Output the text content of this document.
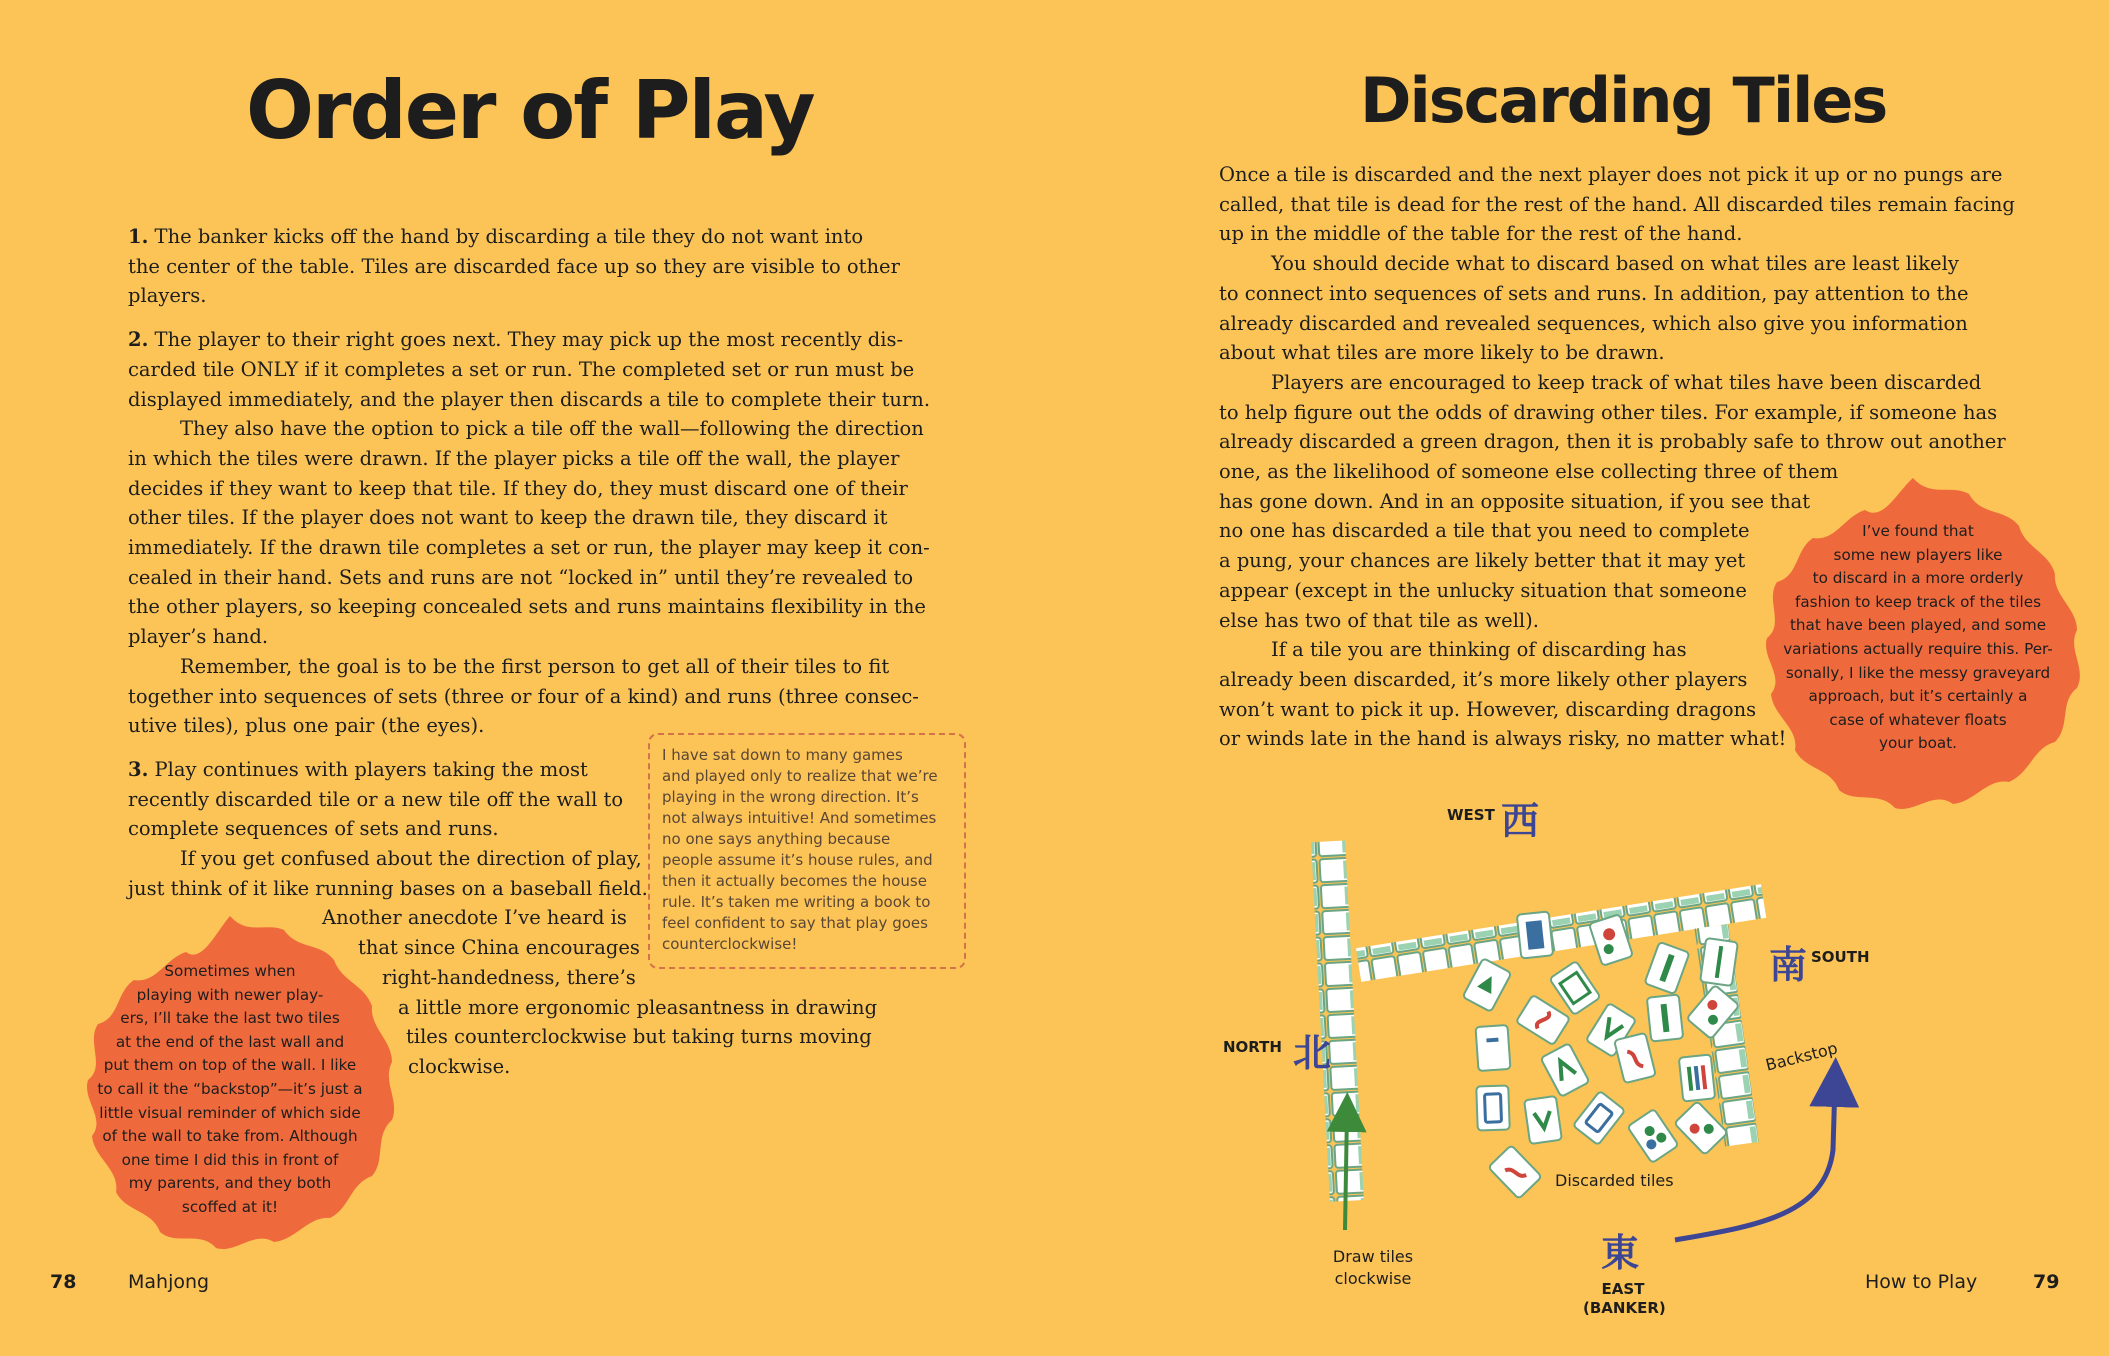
Order of Play

1. The banker kicks off the hand by discarding a tile they do not want into
the center of the table. Tiles are discarded face up so they are visible to other
players.

2. The player to their right goes next. They may pick up the most recently dis-
carded tile ONLY if it completes a set or run. The completed set or run must be
displayed immediately, and the player then discards a tile to complete their turn.

They also have the option to pick a tile off the wall—following the direction
in which the tiles were drawn. If the player picks a tile off the wall, the player
decides if they want to keep that tile. If they do, they must discard one of their
other tiles. If the player does not want to keep the drawn tile, they discard it
immediately. If the drawn tile completes a set or run, the player may keep it con-
cealed in their hand. Sets and runs are not “locked in” until they’re revealed to
the other players, so keeping concealed sets and runs maintains flexibility in the
player’s hand.

Remember, the goal is to be the first person to get all of their tiles to fit
together into sequences of sets (three or four of a kind) and runs (three consec-
utive tiles), plus one pair (the eyes).

3. Play continues with players taking the most
recently discarded tile or a new tile off the wall to
complete sequences of sets and runs.

If you get confused about the direction of play,
just think of it like running bases on a baseball field.
Another anecdote I’ve heard is
that since China encourages
right-handedness, there’s
a little more ergonomic pleasantness in drawing
tiles counterclockwise but taking turns moving
clockwise.

I have sat down to many games
and played only to realize that we’re
playing in the wrong direction. It’s
not always intuitive! And sometimes
no one says anything because
people assume it’s house rules, and
then it actually becomes the house
rule. It’s taken me writing a book to
feel confident to say that play goes
counterclockwise!
Sometimes when
playing with newer play-
ers, I’ll take the last two tiles
at the end of the last wall and
put them on top of the wall. I like
to call it the “backstop”—it’s just a
little visual reminder of which side
of the wall to take from. Although
one time I did this in front of
my parents, and they both
scoffed at it!
78	Mahjong
Discarding Tiles

Once a tile is discarded and the next player does not pick it up or no pungs are
called, that tile is dead for the rest of the hand. All discarded tiles remain facing
up in the middle of the table for the rest of the hand.

You should decide what to discard based on what tiles are least likely
to connect into sequences of sets and runs. In addition, pay attention to the
already discarded and revealed sequences, which also give you information
about what tiles are more likely to be drawn.

Players are encouraged to keep track of what tiles have been discarded
to help figure out the odds of drawing other tiles. For example, if someone has
already discarded a green dragon, then it is probably safe to throw out another
one, as the likelihood of someone else collecting three of them
has gone down. And in an opposite situation, if you see that
no one has discarded a tile that you need to complete
a pung, your chances are likely better that it may yet
appear (except in the unlucky situation that someone
else has two of that tile as well).

If a tile you are thinking of discarding has
already been discarded, it’s more likely other players
won’t want to pick it up. However, discarding dragons
or winds late in the hand is always risky, no matter what!

I’ve found that
some new players like
to discard in a more orderly
fashion to keep track of the tiles
that have been played, and some
variations actually require this. Per-
sonally, I like the messy graveyard
approach, but it’s certainly a
case of whatever floats
your boat.
WEST 西
南 SOUTH
NORTH 北
Discarded tiles
Draw tiles
clockwise
Backstop
東
EAST
(BANKER)
How to Play	79
